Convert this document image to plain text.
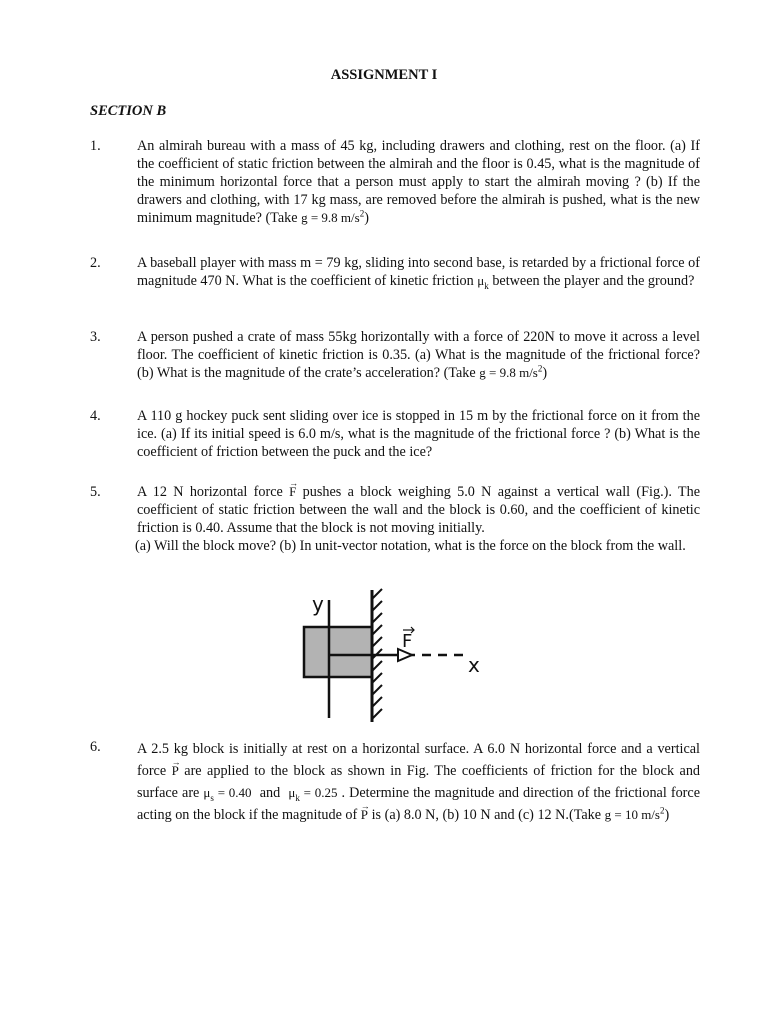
ASSIGNMENT I
SECTION B
1.	An almirah bureau with a mass of 45 kg, including drawers and clothing, rest on the floor. (a) If the coefficient of static friction between the almirah and the floor is 0.45, what is the magnitude of the minimum horizontal force that a person must apply to start the almirah moving ? (b) If the drawers and clothing, with 17 kg mass, are removed before the almirah is pushed, what is the new minimum magnitude? (Take g = 9.8 $m/s^2$)
2.	A baseball player with mass m = 79 kg, sliding into second base, is retarded by a frictional force of magnitude 470 N. What is the coefficient of kinetic friction $\mu_k$ between the player and the ground?
3.	A person pushed a crate of mass 55kg horizontally with a force of 220N to move it across a level floor. The coefficient of kinetic friction is 0.35. (a) What is the magnitude of the frictional force? (b) What is the magnitude of the crate’s acceleration? (Take g = 9.8 $m/s^2$)
4.	A 110 g hockey puck sent sliding over ice is stopped in 15 m by the frictional force on it from the ice. (a) If its initial speed is 6.0 m/s, what is the magnitude of the frictional force ? (b) What is the coefficient of friction between the puck and the ice?
5.	A 12 N horizontal force → F pushes a block weighing 5.0 N against a vertical wall (Fig.). The coefficient of static friction between the wall and the block is 0.60, and the coefficient of kinetic friction is 0.40. Assume that the block is not moving initially.

(a) Will the block move? (b) In unit-vector notation, what is the force on the block from the wall.

y
x
F
6.	A 2.5 kg block is initially at rest on a horizontal surface. A 6.0 N horizontal force and a vertical force → P are applied to the block as shown in Fig. The coefficients of friction for the block and surface are $\mu_s = 0.40$  and  $\mu_k = 0.25$ . Determine the magnitude and direction of the frictional force acting on the block if the magnitude of → P is (a) 8.0 N, (b) 10 N and (c) 12 N.(Take g = 10 $m/s^2$)
